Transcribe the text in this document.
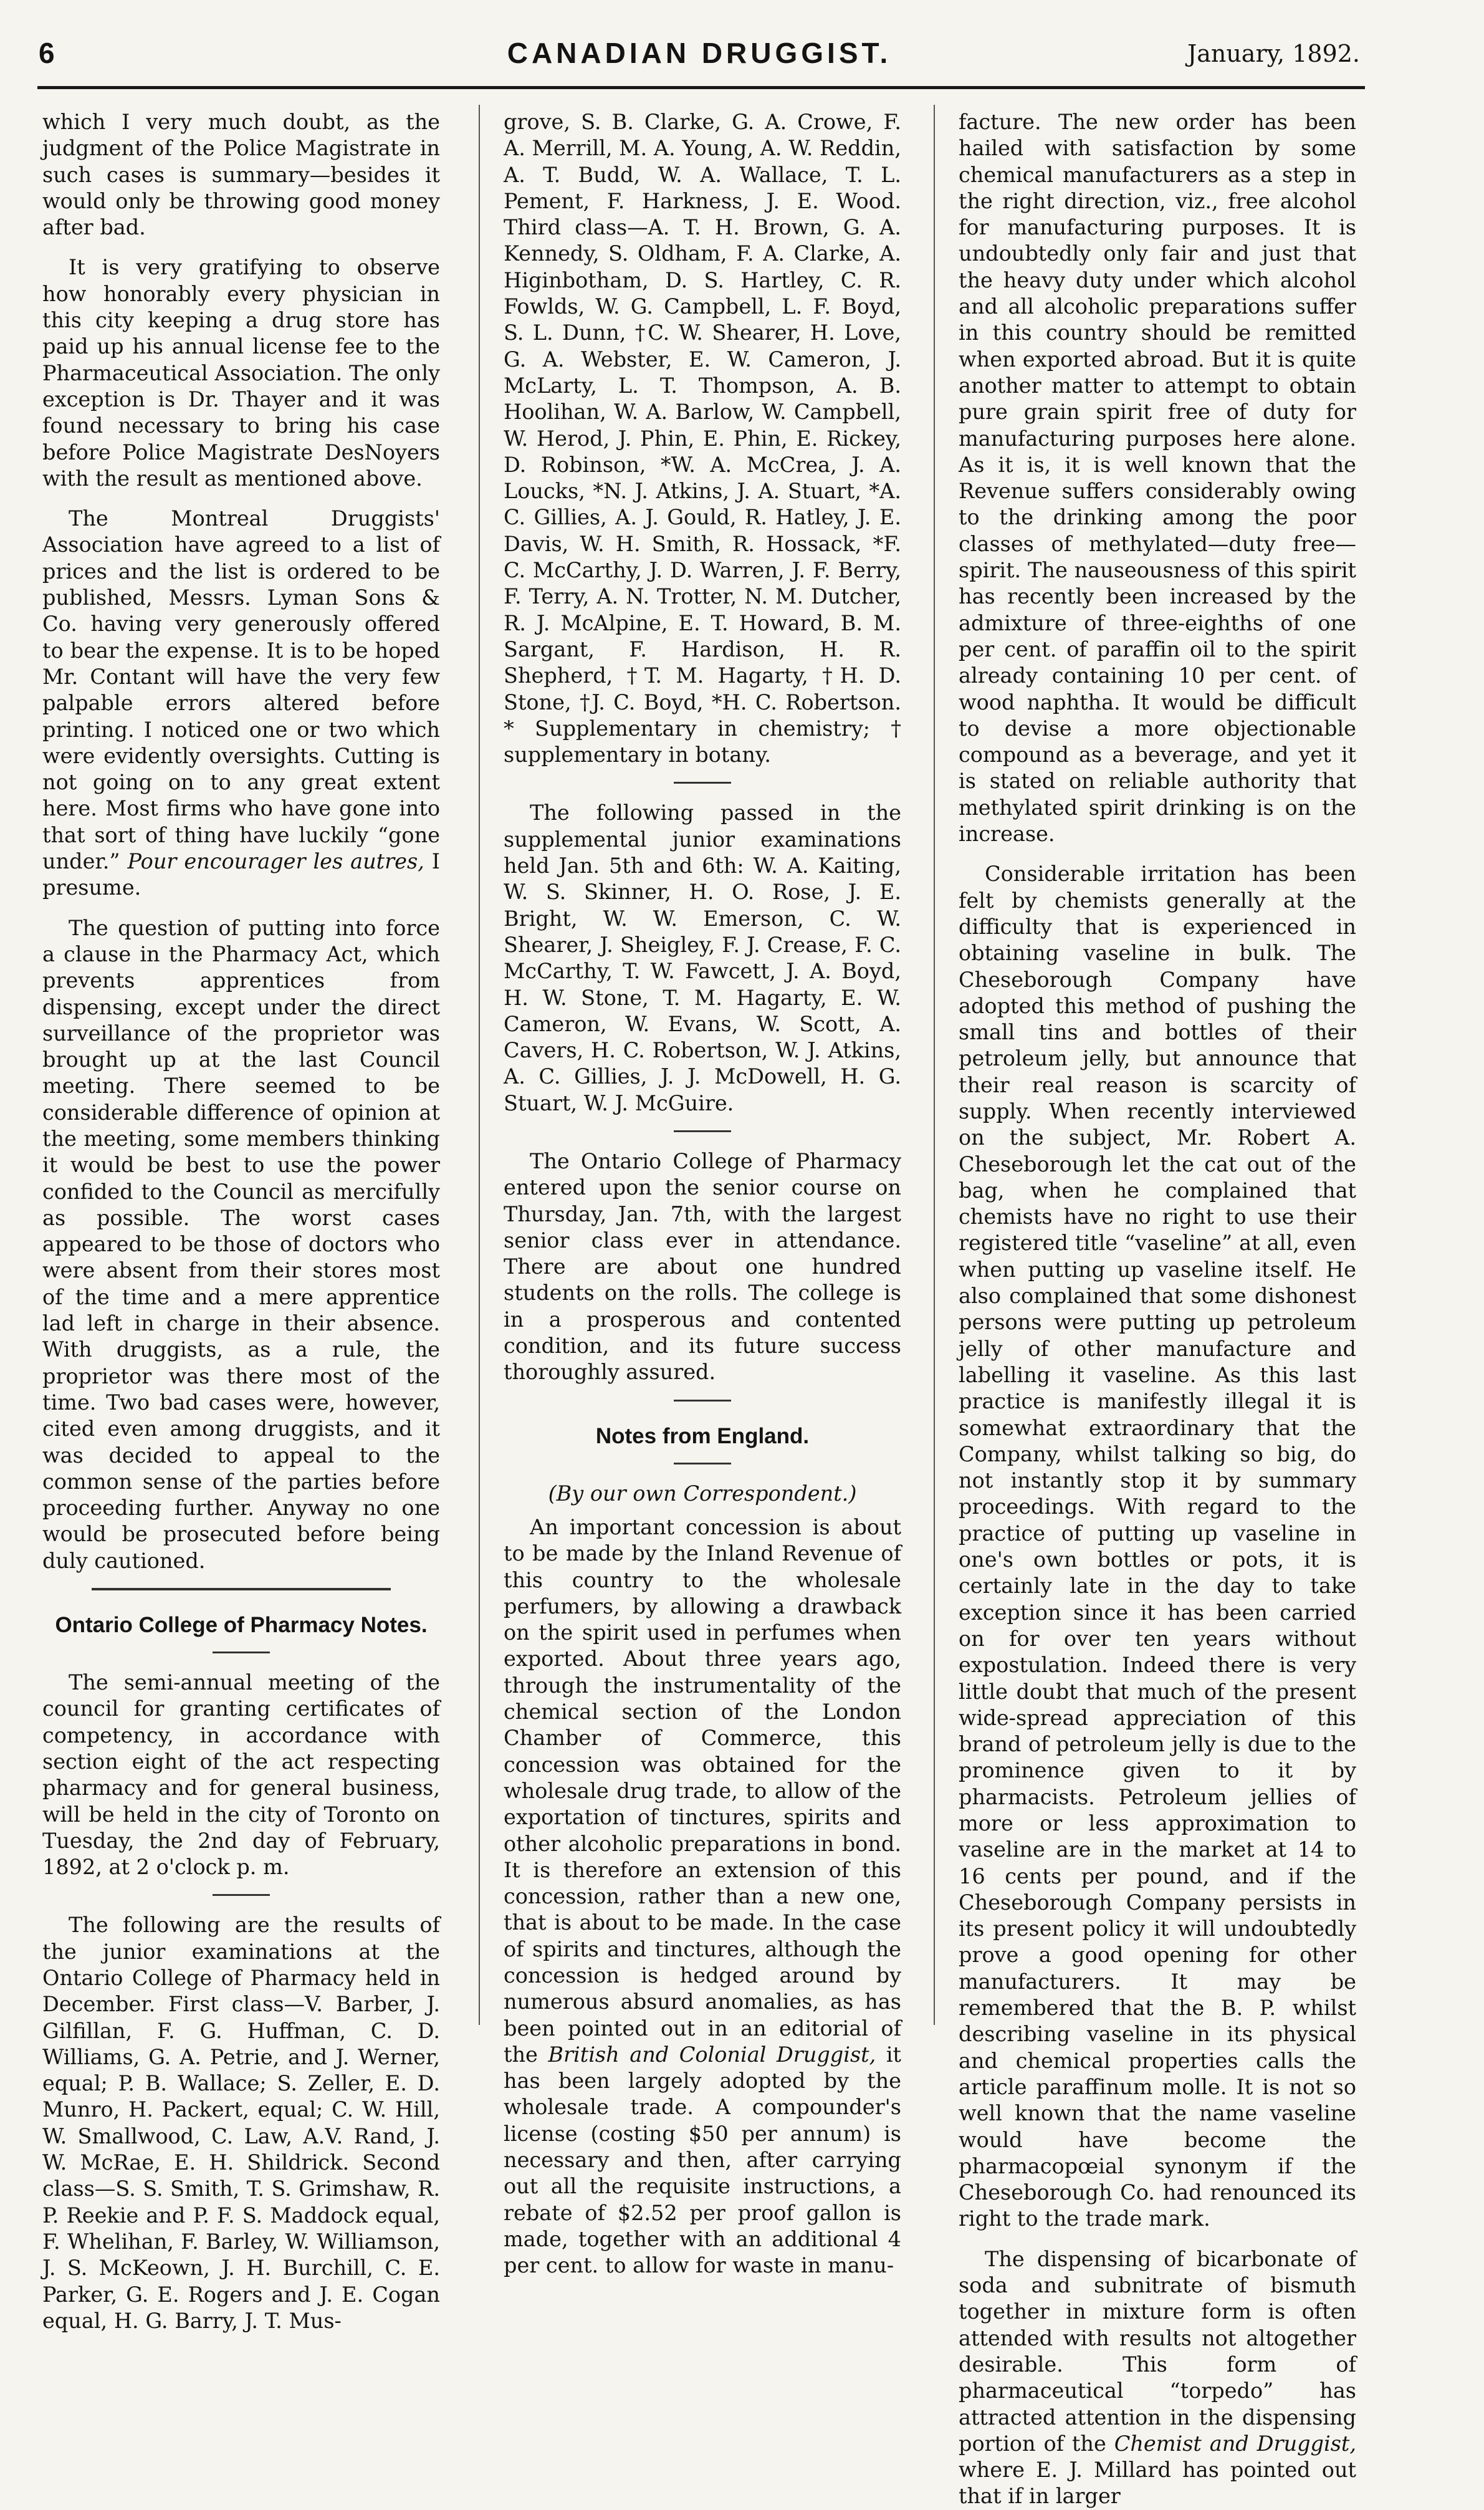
CANADIAN DRUGGIST.
6	January, 1892.

which I very much doubt, as the judgment of the Police Magistrate in such cases is summary—besides it would only be throwing good money after bad.

It is very gratifying to observe how honorably every physician in this city keeping a drug store has paid up his annual license fee to the Pharmaceutical Association. The only exception is Dr. Thayer and it was found necessary to bring his case before Police Magistrate DesNoyers with the result as mentioned above.

The Montreal Druggists' Association have agreed to a list of prices and the list is ordered to be published, Messrs. Lyman Sons & Co. having very generously offered to bear the expense. It is to be hoped Mr. Contant will have the very few palpable errors altered before printing. I noticed one or two which were evidently oversights. Cutting is not going on to any great extent here. Most firms who have gone into that sort of thing have luckily “gone under.” Pour encourager les autres, I presume.

The question of putting into force a clause in the Pharmacy Act, which prevents apprentices from dispensing, except under the direct surveillance of the proprietor was brought up at the last Council meeting. There seemed to be considerable difference of opinion at the meeting, some members thinking it would be best to use the power confided to the Council as mercifully as possible. The worst cases appeared to be those of doctors who were absent from their stores most of the time and a mere apprentice lad left in charge in their absence. With druggists, as a rule, the proprietor was there most of the time. Two bad cases were, however, cited even among druggists, and it was decided to appeal to the common sense of the parties before proceeding further. Anyway no one would be prosecuted before being duly cautioned.

Ontario College of Pharmacy Notes.

The semi-annual meeting of the council for granting certificates of competency, in accordance with section eight of the act respecting pharmacy and for general business, will be held in the city of Toronto on Tuesday, the 2nd day of February, 1892, at 2 o'clock p. m.

The following are the results of the junior examinations at the Ontario College of Pharmacy held in December. First class—V. Barber, J. Gilfillan, F. G. Huffman, C. D. Williams, G. A. Petrie, and J. Werner, equal; P. B. Wallace; S. Zeller, E. D. Munro, H. Packert, equal; C. W. Hill, W. Smallwood, C. Law, A.V. Rand, J. W. McRae, E. H. Shildrick. Second class—S. S. Smith, T. S. Grimshaw, R. P. Reekie and P. F. S. Maddock equal, F. Whelihan, F. Barley, W. Williamson, J. S. McKeown, J. H. Burchill, C. E. Parker, G. E. Rogers and J. E. Cogan equal, H. G. Barry, J. T. Mus-

grove, S. B. Clarke, G. A. Crowe, F. A. Merrill, M. A. Young, A. W. Reddin, A. T. Budd, W. A. Wallace, T. L. Pement, F. Harkness, J. E. Wood. Third class—A. T. H. Brown, G. A. Kennedy, S. Oldham, F. A. Clarke, A. Higinbotham, D. S. Hartley, C. R. Fowlds, W. G. Campbell, L. F. Boyd, S. L. Dunn, †C. W. Shearer, H. Love, G. A. Webster, E. W. Cameron, J. McLarty, L. T. Thompson, A. B. Hoolihan, W. A. Barlow, W. Campbell, W. Herod, J. Phin, E. Phin, E. Rickey, D. Robinson, *W. A. McCrea, J. A. Loucks, *N. J. Atkins, J. A. Stuart, *A. C. Gillies, A. J. Gould, R. Hatley, J. E. Davis, W. H. Smith, R. Hossack, *F. C. McCarthy, J. D. Warren, J. F. Berry, F. Terry, A. N. Trotter, N. M. Dutcher, R. J. McAlpine, E. T. Howard, B. M. Sargant, F. Hardison, H. R. Shepherd, †T. M. Hagarty, †H. D. Stone, †J. C. Boyd, *H. C. Robertson. * Supplementary in chemistry; † supplementary in botany.

The following passed in the supplemental junior examinations held Jan. 5th and 6th: W. A. Kaiting, W. S. Skinner, H. O. Rose, J. E. Bright, W. W. Emerson, C. W. Shearer, J. Sheigley, F. J. Crease, F. C. McCarthy, T. W. Fawcett, J. A. Boyd, H. W. Stone, T. M. Hagarty, E. W. Cameron, W. Evans, W. Scott, A. Cavers, H. C. Robertson, W. J. Atkins, A. C. Gillies, J. J. McDowell, H. G. Stuart, W. J. McGuire.

The Ontario College of Pharmacy entered upon the senior course on Thursday, Jan. 7th, with the largest senior class ever in attendance. There are about one hundred students on the rolls. The college is in a prosperous and contented condition, and its future success thoroughly assured.

Notes from England.
(By our own Correspondent.)

An important concession is about to be made by the Inland Revenue of this country to the wholesale perfumers, by allowing a drawback on the spirit used in perfumes when exported. About three years ago, through the instrumentality of the chemical section of the London Chamber of Commerce, this concession was obtained for the wholesale drug trade, to allow of the exportation of tinctures, spirits and other alcoholic preparations in bond. It is therefore an extension of this concession, rather than a new one, that is about to be made. In the case of spirits and tinctures, although the concession is hedged around by numerous absurd anomalies, as has been pointed out in an editorial of the British and Colonial Druggist, it has been largely adopted by the wholesale trade. A compounder's license (costing $50 per annum) is necessary and then, after carrying out all the requisite instructions, a rebate of $2.52 per proof gallon is made, together with an additional 4 per cent. to allow for waste in manu-

facture. The new order has been hailed with satisfaction by some chemical manufacturers as a step in the right direction, viz., free alcohol for manufacturing purposes. It is undoubtedly only fair and just that the heavy duty under which alcohol and all alcoholic preparations suffer in this country should be remitted when exported abroad. But it is quite another matter to attempt to obtain pure grain spirit free of duty for manufacturing purposes here alone. As it is, it is well known that the Revenue suffers considerably owing to the drinking among the poor classes of methylated—duty free—spirit. The nauseousness of this spirit has recently been increased by the admixture of three-eighths of one per cent. of paraffin oil to the spirit already containing 10 per cent. of wood naphtha. It would be difficult to devise a more objectionable compound as a beverage, and yet it is stated on reliable authority that methylated spirit drinking is on the increase.

Considerable irritation has been felt by chemists generally at the difficulty that is experienced in obtaining vaseline in bulk. The Cheseborough Company have adopted this method of pushing the small tins and bottles of their petroleum jelly, but announce that their real reason is scarcity of supply. When recently interviewed on the subject, Mr. Robert A. Cheseborough let the cat out of the bag, when he complained that chemists have no right to use their registered title “vaseline” at all, even when putting up vaseline itself. He also complained that some dishonest persons were putting up petroleum jelly of other manufacture and labelling it vaseline. As this last practice is manifestly illegal it is somewhat extraordinary that the Company, whilst talking so big, do not instantly stop it by summary proceedings. With regard to the practice of putting up vaseline in one's own bottles or pots, it is certainly late in the day to take exception since it has been carried on for over ten years without expostulation. Indeed there is very little doubt that much of the present wide-spread appreciation of this brand of petroleum jelly is due to the prominence given to it by pharmacists. Petroleum jellies of more or less approximation to vaseline are in the market at 14 to 16 cents per pound, and if the Cheseborough Company persists in its present policy it will undoubtedly prove a good opening for other manufacturers. It may be remembered that the B. P. whilst describing vaseline in its physical and chemical properties calls the article paraffinum molle. It is not so well known that the name vaseline would have become the pharmacopœial synonym if the Cheseborough Co. had renounced its right to the trade mark.

The dispensing of bicarbonate of soda and subnitrate of bismuth together in mixture form is often attended with results not altogether desirable. This form of pharmaceutical “torpedo” has attracted attention in the dispensing portion of the Chemist and Druggist, where E. J. Millard has pointed out that if in larger
